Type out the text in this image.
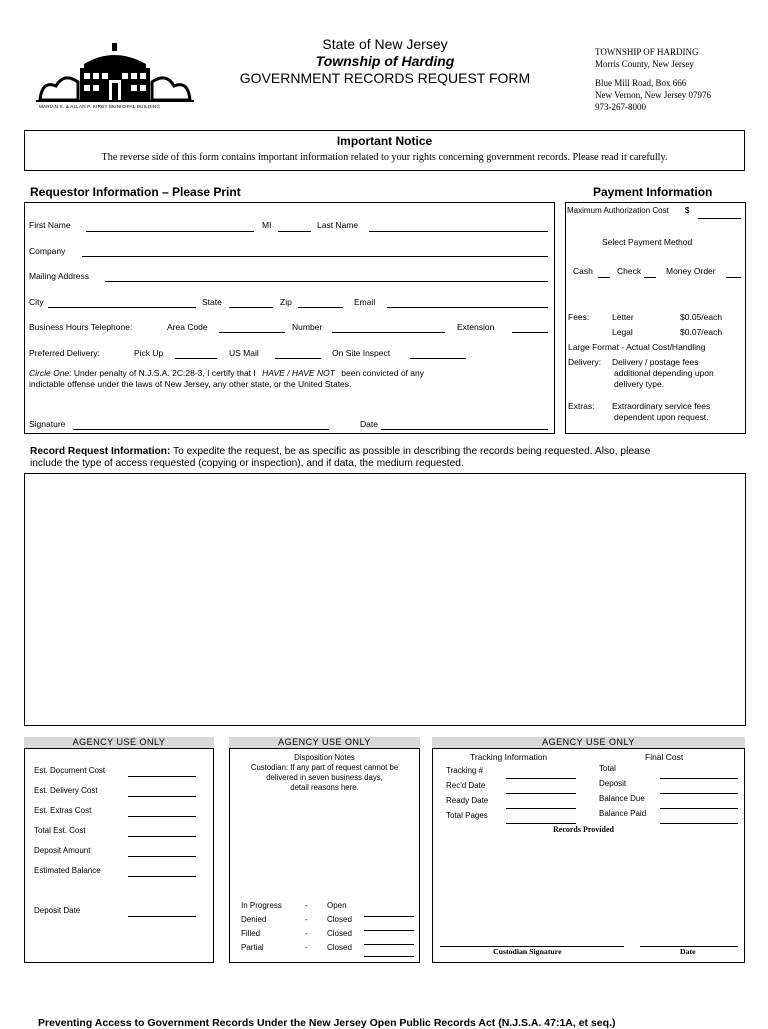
MARIAN S. & ALLAN P. KIRBY MUNICIPAL BUILDING
State of New Jersey
Township of Harding
GOVERNMENT RECORDS REQUEST FORM
TOWNSHIP OF HARDING
Morris County, New Jersey
Blue Mill Road, Box 666
New Vernon, New Jersey 07976
973-267-8000
Important Notice
The reverse side of this form contains important information related to your rights concerning government records. Please read it carefully.
Requestor Information – Please Print
First Name	MI	Last Name
Company
Mailing Address
City	State	Zip	Email
Business Hours Telephone:	Area Code	Number	Extension
Preferred Delivery:	Pick Up	US Mail	On Site Inspect
Circle One: Under penalty of N.J.S.A. 2C:28-3, I certify that I HAVE / HAVE NOT been convicted of any
indictable offense under the laws of New Jersey, any other state, or the United States.
Signature	Date
Payment Information
Maximum Authorization Cost $
Select Payment Method
Cash	Check	Money Order
Fees:	Letter	$0.05/each
Legal	$0.07/each
Large Format - Actual Cost/Handling
Delivery: Delivery / postage fees
additional depending upon
delivery type.
Extras: Extraordinary service fees
dependent upon request.
Record Request Information: To expedite the request, be as specific as possible in describing the records being requested. Also, please
include the type of access requested (copying or inspection), and if data, the medium requested.
AGENCY USE ONLY
Est. Document Cost
Est. Delivery Cost
Est. Extras Cost
Total Est. Cost
Deposit Amount
Estimated Balance
Deposit Date
AGENCY USE ONLY
Disposition Notes
Custodian: If any part of request cannot be
delivered in seven business days,
detail reasons here.
In Progress	- Open
Denied	- Closed
Filled	- Closed
Partial	- Closed
AGENCY USE ONLY
Tracking Information	Final Cost
Tracking #
Rec'd Date
Ready Date
Total Pages
Total
Deposit
Balance Due
Balance Paid
Records Provided
Custodian Signature	Date
Preventing Access to Government Records Under the New Jersey Open Public Records Act (N.J.S.A. 47:1A, et seq.)
